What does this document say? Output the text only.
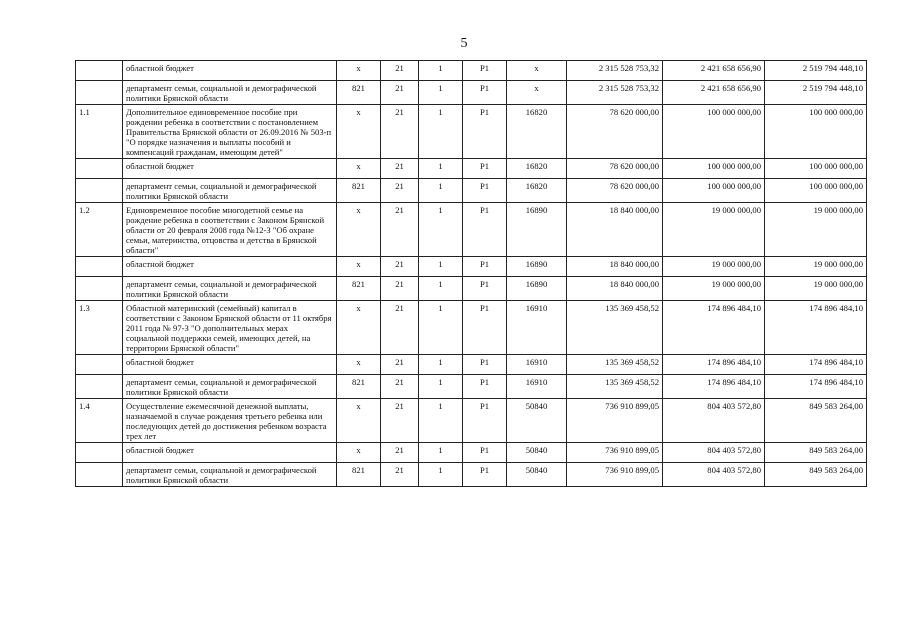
5
	областной бюджет	х	21	1	Р1	х	2 315 528 753,32	2 421 658 656,90	2 519 794 448,10
	департамент семьи, социальной и демографической политики Брянской области	821	21	1	Р1	х	2 315 528 753,32	2 421 658 656,90	2 519 794 448,10
1.1	Дополнительное единовременное пособие при рождении ребенка в соответствии с постановлением Правительства Брянской области от 26.09.2016 № 503-п "О порядке назначения и выплаты пособий и компенсаций гражданам, имеющим детей"	х	21	1	Р1	16820	78 620 000,00	100 000 000,00	100 000 000,00
	областной бюджет	х	21	1	Р1	16820	78 620 000,00	100 000 000,00	100 000 000,00
	департамент семьи, социальной и демографической политики Брянской области	821	21	1	Р1	16820	78 620 000,00	100 000 000,00	100 000 000,00
1.2	Единовременное пособие многодетной семье на рождение ребенка в соответствии с Законом Брянской области от 20 февраля 2008 года №12-З "Об охране семьи, материнства, отцовства и детства в Брянской области"	х	21	1	Р1	16890	18 840 000,00	19 000 000,00	19 000 000,00
	областной бюджет	х	21	1	Р1	16890	18 840 000,00	19 000 000,00	19 000 000,00
	департамент семьи, социальной и демографической политики Брянской области	821	21	1	Р1	16890	18 840 000,00	19 000 000,00	19 000 000,00
1.3	Областной материнский (семейный) капитал в соответствии с Законом Брянской области от 11 октября 2011 года № 97-З "О дополнительных мерах социальной поддержки семей, имеющих детей, на территории Брянской области"	х	21	1	Р1	16910	135 369 458,52	174 896 484,10	174 896 484,10
	областной бюджет	х	21	1	Р1	16910	135 369 458,52	174 896 484,10	174 896 484,10
	департамент семьи, социальной и демографической политики Брянской области	821	21	1	Р1	16910	135 369 458,52	174 896 484,10	174 896 484,10
1.4	Осуществление ежемесячной денежной выплаты, назначаемой в случае рождения третьего ребенка или последующих детей до достижения ребенком возраста трех лет	х	21	1	Р1	50840	736 910 899,05	804 403 572,80	849 583 264,00
	областной бюджет	х	21	1	Р1	50840	736 910 899,05	804 403 572,80	849 583 264,00
	департамент семьи, социальной и демографической политики Брянской области	821	21	1	Р1	50840	736 910 899,05	804 403 572,80	849 583 264,00
